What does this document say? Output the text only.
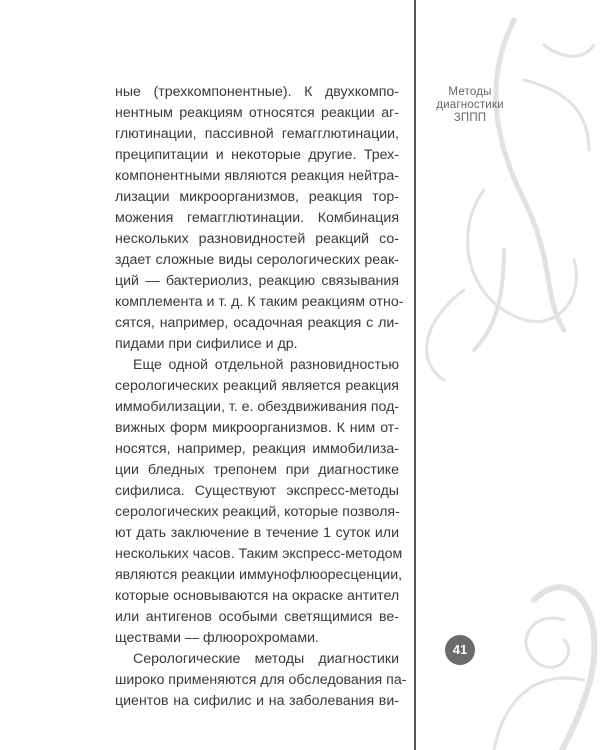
Методы
диагностики
ЗППП
41
ные (трехкомпонентные). К двухкомпо-
нентным реакциям относятся реакции аг-
глютинации, пассивной гемагглютинации,
преципитации и некоторые другие. Трех-
компонентными являются реакция нейтра-
лизации микроорганизмов, реакция тор-
можения гемагглютинации. Комбинация
нескольких разновидностей реакций со-
здает сложные виды серологических реак-
ций — бактериолиз, реакцию связывания
комплемента и т. д. К таким реакциям отно-
сятся, например, осадочная реакция с ли-
пидами при сифилисе и др.
Еще одной отдельной разновидностью
серологических реакций является реакция
иммобилизации, т. е. обездвиживания под-
вижных форм микроорганизмов. К ним от-
носятся, например, реакция иммобилиза-
ции бледных трепонем при диагностике
сифилиса. Существуют экспресс-методы
серологических реакций, которые позволя-
ют дать заключение в течение 1 суток или
нескольких часов. Таким экспресс-методом
являются реакции иммунофлюоресценции,
которые основываются на окраске антител
или антигенов особыми светящимися ве-
ществами — флюорохромами.
Серологические методы диагностики
широко применяются для обследования па-
циентов на сифилис и на заболевания ви-
